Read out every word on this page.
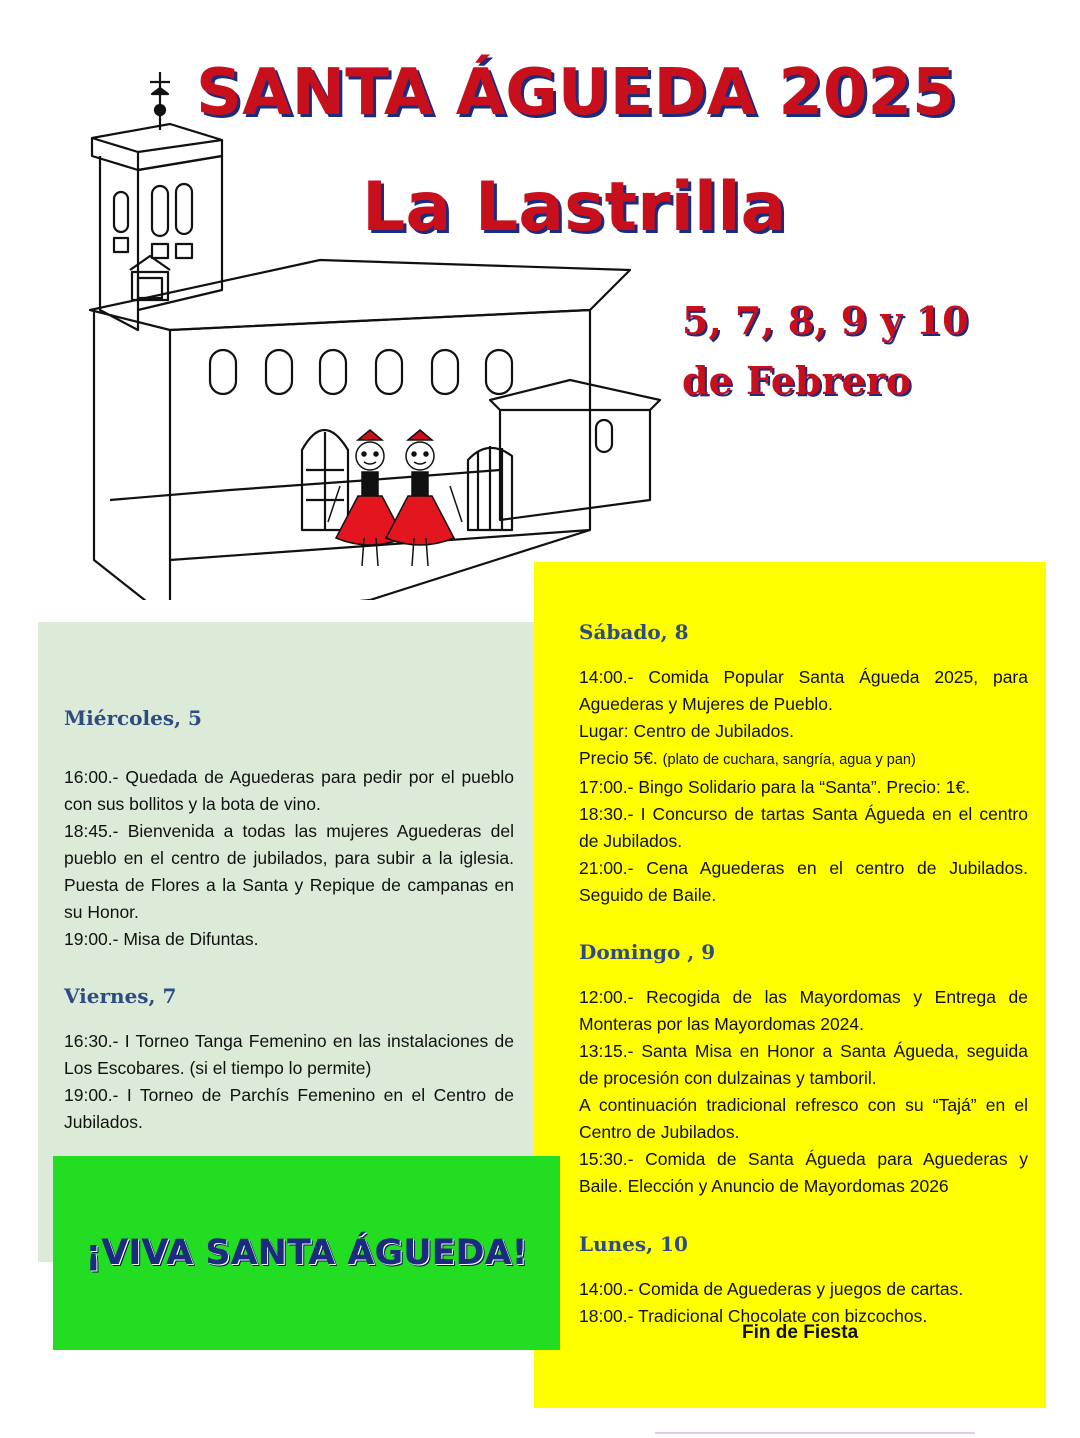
SANTA ÁGUEDA 2025
La Lastrilla
5, 7, 8, 9 y 10
de Febrero
Miércoles, 5

16:00.- Quedada de Aguederas para pedir por el pueblo con sus bollitos y la bota de vino.

18:45.- Bienvenida a todas las mujeres Aguederas del pueblo en el centro de jubilados, para subir a la iglesia. Puesta de Flores a la Santa y Repique de campanas en su Honor.

19:00.- Misa de Difuntas.

Viernes, 7

16:30.- I Torneo Tanga Femenino en las instalaciones de Los Escobares. (si el tiempo lo permite)

19:00.- I Torneo de Parchís Femenino en el Centro de Jubilados.

¡VIVA SANTA ÁGUEDA!
Sábado, 8

14:00.- Comida Popular Santa Águeda 2025, para Aguederas y Mujeres de Pueblo.

Lugar: Centro de Jubilados.

Precio 5€. (plato de cuchara, sangría, agua y pan)

17:00.- Bingo Solidario para la “Santa”. Precio: 1€.

18:30.- I Concurso de tartas Santa Águeda en el centro de Jubilados.

21:00.- Cena Aguederas en el centro de Jubilados. Seguido de Baile.

Domingo , 9

12:00.- Recogida de las Mayordomas y Entrega de Monteras por las Mayordomas 2024.

13:15.- Santa Misa en Honor a Santa Águeda, seguida de procesión con dulzainas y tamboril.

A continuación tradicional refresco con su “Tajá” en el Centro de Jubilados.

15:30.- Comida de Santa Águeda para Aguederas y Baile. Elección y Anuncio de Mayordomas 2026

Lunes, 10

14:00.- Comida de Aguederas y juegos de cartas.

18:00.- Tradicional Chocolate con bizcochos.

Fin de Fiesta
